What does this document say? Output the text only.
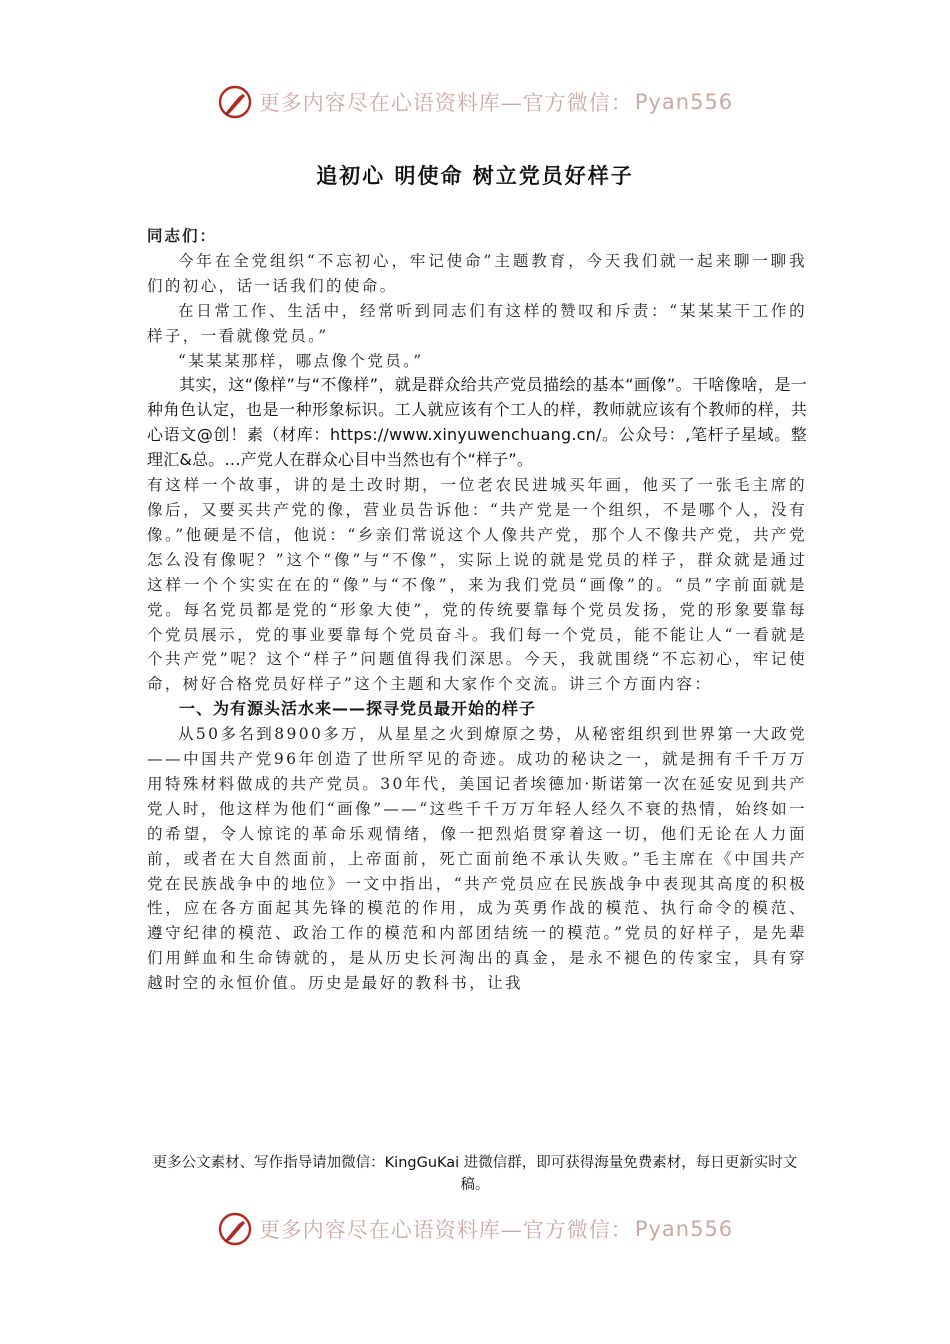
更多内容尽在心语资料库—官方微信： Pyan556
追初心 明使命 树立党员好样子

同志们：

今年在全党组织“不忘初心，牢记使命”主题教育，今天我们就一起来聊一聊我们的初心，话一话我们的使命。

在日常工作、生活中，经常听到同志们有这样的赞叹和斥责：“某某某干工作的样子，一看就像党员。”

“某某某那样，哪点像个党员。”

其实，这“像样”与“不像样”，就是群众给共产党员描绘的基本“画像”。干啥像啥，是一种角色认定，也是一种形象标识。工人就应该有个工人的样，教师就应该有个教师的样，共心语文@创！素（材库：https://www.xinyuwenchuang.cn/。公众号：,笔杆子星域。整理汇&总。…产党人在群众心目中当然也有个“样子”。

有这样一个故事，讲的是土改时期，一位老农民进城买年画，他买了一张毛主席的像后，又要买共产党的像，营业员告诉他：“共产党是一个组织，不是哪个人，没有像。”他硬是不信，他说：“乡亲们常说这个人像共产党，那个人不像共产党，共产党怎么没有像呢？”这个“像”与“不像”，实际上说的就是党员的样子，群众就是通过这样一个个实实在在的“像”与“不像”，来为我们党员“画像”的。“员”字前面就是党。每名党员都是党的“形象大使”，党的传统要靠每个党员发扬，党的形象要靠每个党员展示，党的事业要靠每个党员奋斗。我们每一个党员，能不能让人“一看就是个共产党”呢？这个“样子”问题值得我们深思。今天，我就围绕“不忘初心，牢记使命，树好合格党员好样子”这个主题和大家作个交流。讲三个方面内容：

一、为有源头活水来——探寻党员最开始的样子

从50多名到8900多万，从星星之火到燎原之势，从秘密组织到世界第一大政党——中国共产党96年创造了世所罕见的奇迹。成功的秘诀之一，就是拥有千千万万用特殊材料做成的共产党员。30年代，美国记者埃德加·斯诺第一次在延安见到共产党人时，他这样为他们“画像”——“这些千千万万年轻人经久不衰的热情，始终如一的希望，令人惊诧的革命乐观情绪，像一把烈焰贯穿着这一切，他们无论在人力面前，或者在大自然面前，上帝面前，死亡面前绝不承认失败。”毛主席在《中国共产党在民族战争中的地位》一文中指出，“共产党员应在民族战争中表现其高度的积极性，应在各方面起其先锋的模范的作用，成为英勇作战的模范、执行命令的模范、遵守纪律的模范、政治工作的模范和内部团结统一的模范。”党员的好样子，是先辈们用鲜血和生命铸就的，是从历史长河淘出的真金，是永不褪色的传家宝，具有穿越时空的永恒价值。历史是最好的教科书，让我

更多公文素材、写作指导请加微信：KingGuKai 进微信群，即可获得海量免费素材，每日更新实时文稿。
更多内容尽在心语资料库—官方微信： Pyan556
